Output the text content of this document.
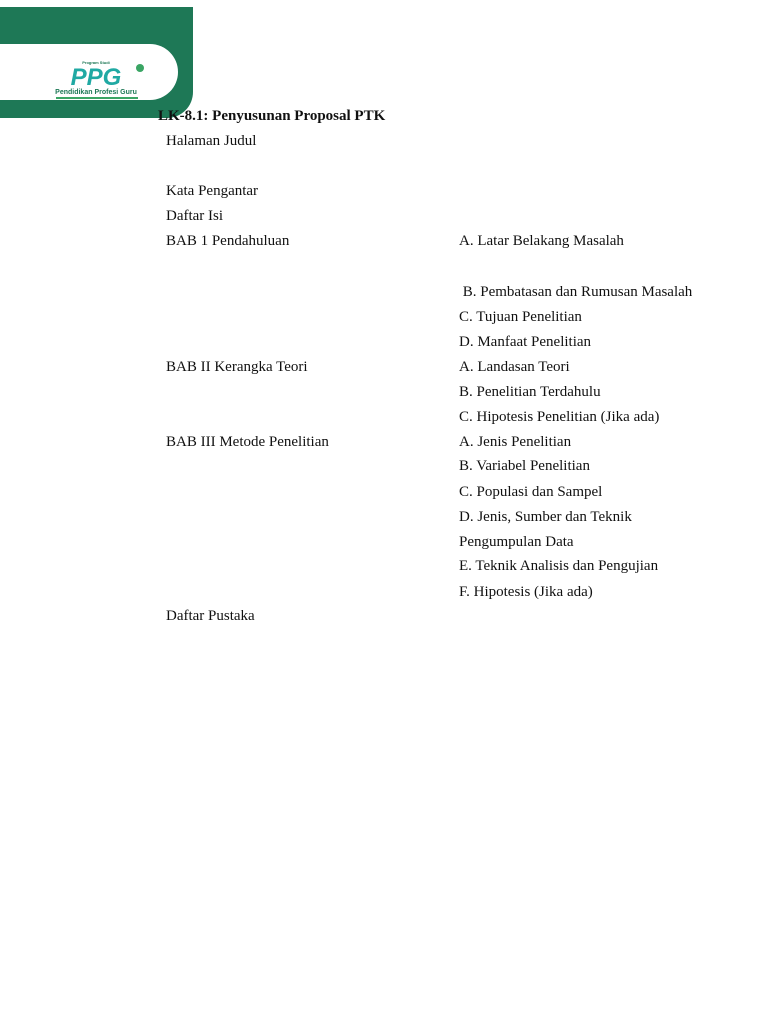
Program Studi
PPG
Pendidikan Profesi Guru
LK-8.1: Penyusunan Proposal PTK
Halaman Judul
Kata Pengantar
Daftar Isi
BAB 1 Pendahuluan
BAB II Kerangka Teori
BAB III Metode Penelitian
Daftar Pustaka
A. Latar Belakang Masalah
B. Pembatasan dan Rumusan Masalah
C. Tujuan Penelitian
D. Manfaat Penelitian
A. Landasan Teori
B. Penelitian Terdahulu
C. Hipotesis Penelitian (Jika ada)
A. Jenis Penelitian
B. Variabel Penelitian
C. Populasi dan Sampel
D. Jenis, Sumber dan Teknik
Pengumpulan Data
E. Teknik Analisis dan Pengujian
F. Hipotesis (Jika ada)
